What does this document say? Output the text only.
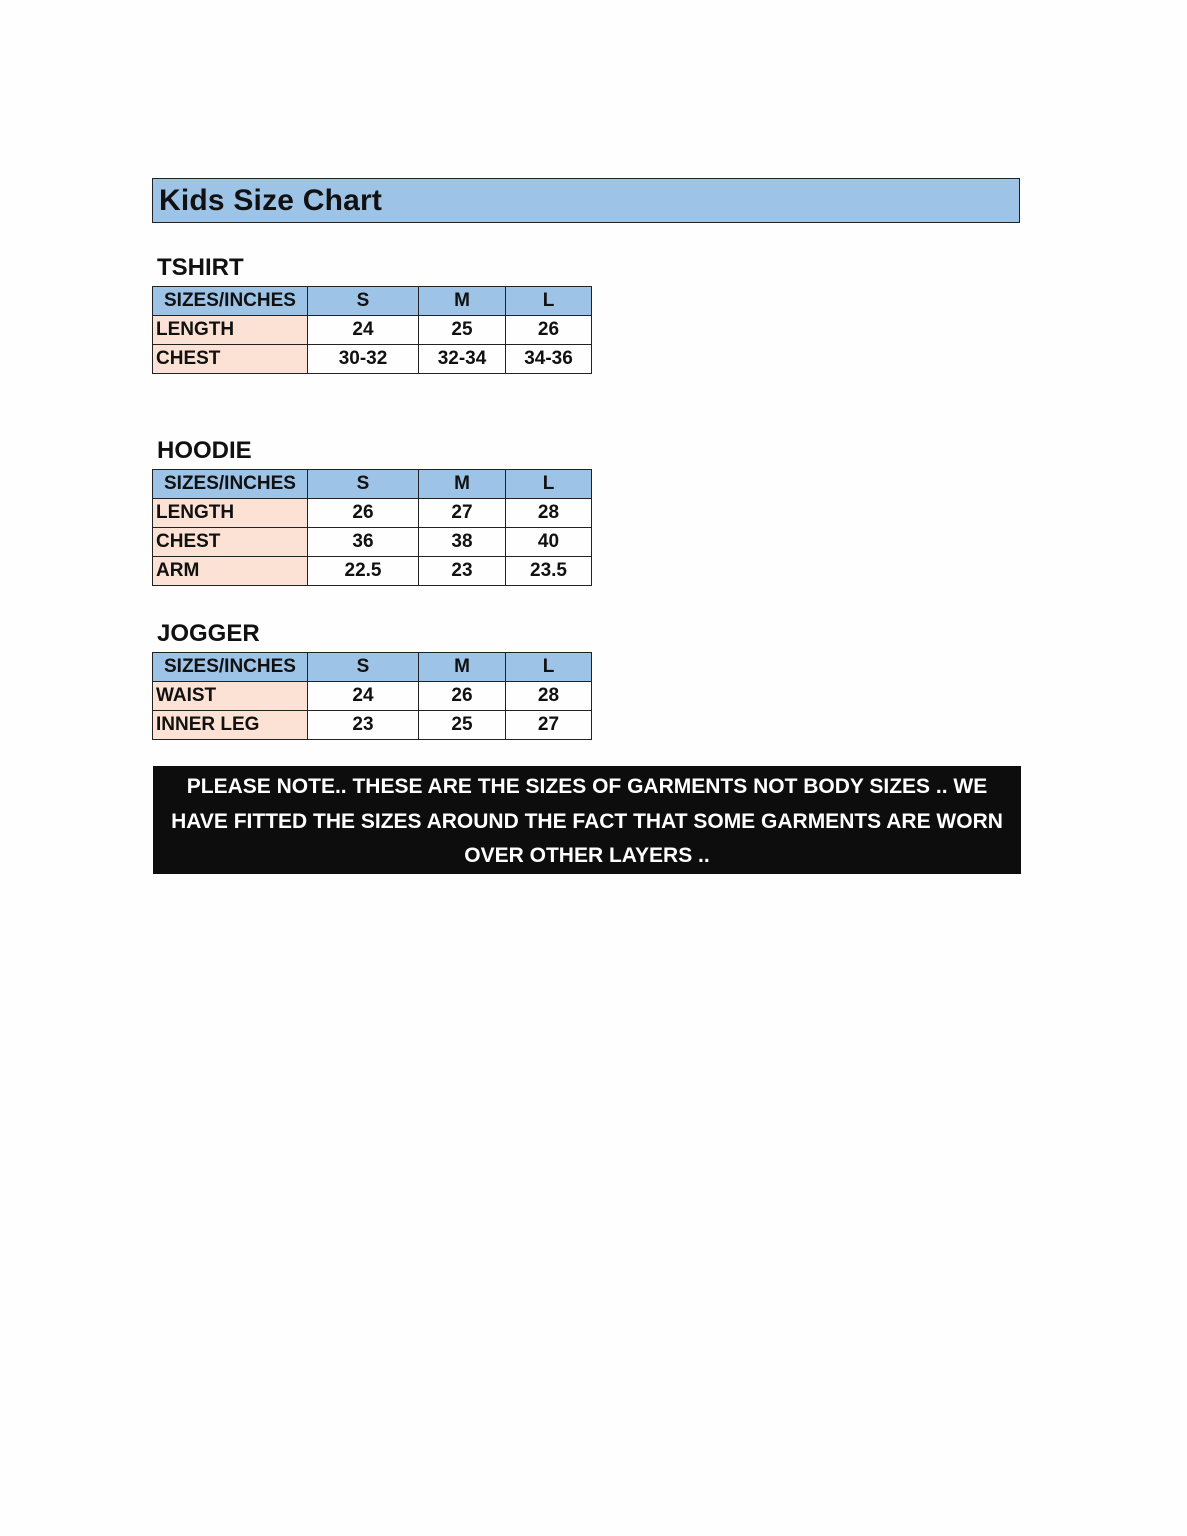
Kids Size Chart
TSHIRT
SIZES/INCHES	S	M	L
LENGTH	24	25	26
CHEST	30-32	32-34	34-36
HOODIE
SIZES/INCHES	S	M	L
LENGTH	26	27	28
CHEST	36	38	40
ARM	22.5	23	23.5
JOGGER
SIZES/INCHES	S	M	L
WAIST	24	26	28
INNER LEG	23	25	27
PLEASE NOTE.. THESE ARE THE SIZES OF GARMENTS NOT BODY SIZES .. WE HAVE FITTED THE SIZES AROUND THE FACT THAT SOME GARMENTS ARE WORN OVER OTHER LAYERS ..
